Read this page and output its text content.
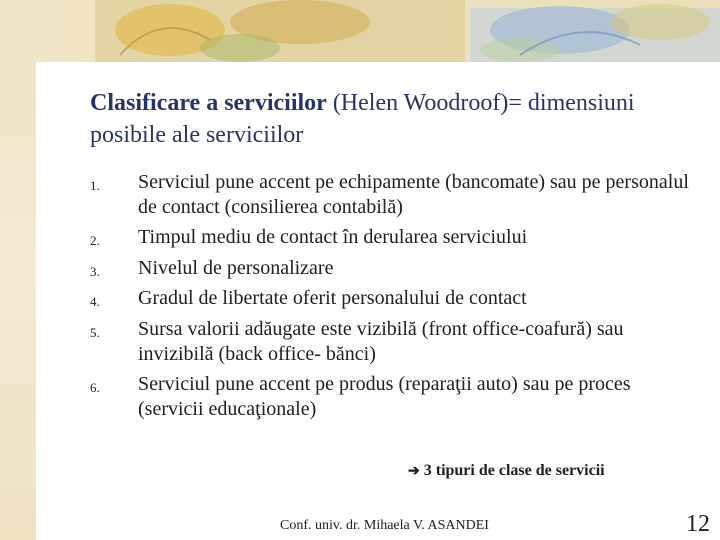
Clasificare a serviciilor (Helen Woodroof)= dimensiuni posibile ale serviciilor
1. Serviciul pune accent pe echipamente (bancomate) sau pe personalul de contact (consilierea contabilă)
2. Timpul mediu de contact în derularea serviciului
3. Nivelul de personalizare
4. Gradul de libertate oferit personalului de contact
5. Sursa valorii adăugate este vizibilă (front office-coafură) sau invizibilă (back office- bănci)
6. Serviciul pune accent pe produs (reparaţii auto) sau pe proces (servicii educaţionale)
➔ 3 tipuri de clase de servicii
Conf. univ. dr. Mihaela V. ASANDEI	12
